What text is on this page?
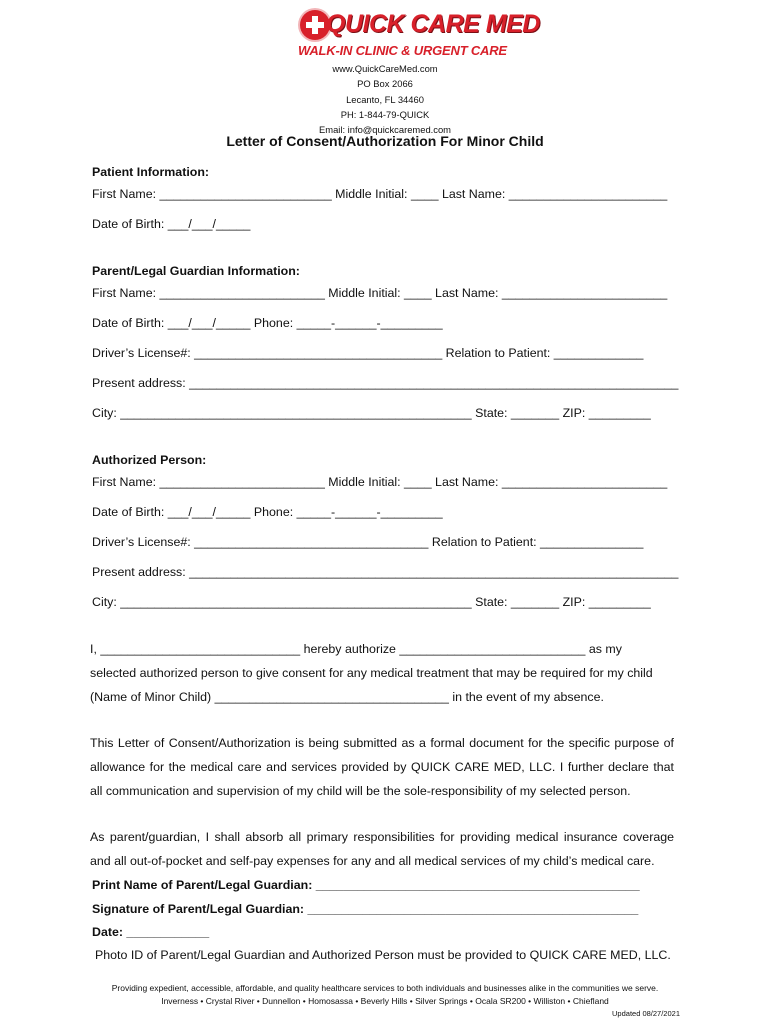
QUICK CARE MED
WALK-IN CLINIC & URGENT CARE
www.QuickCareMed.com
PO Box 2066
Lecanto, FL 34460
PH: 1-844-79-QUICK
Email: info@quickcaremed.com
Letter of Consent/Authorization For Minor Child
Patient Information:
First Name: _________________________ Middle Initial: ____ Last Name: _______________________
Date of Birth: ___/___/_____
Parent/Legal Guardian Information:
First Name: ________________________ Middle Initial: ____ Last Name: ________________________
Date of Birth: ___/___/_____ Phone: _____-______-_________
Driver’s License#: ____________________________________ Relation to Patient: _____________
Present address: _______________________________________________________________________
City: ___________________________________________________ State: _______ ZIP: _________
Authorized Person:
First Name: ________________________ Middle Initial: ____ Last Name: ________________________
Date of Birth: ___/___/_____ Phone: _____-______-_________
Driver’s License#: __________________________________ Relation to Patient: _______________
Present address: _______________________________________________________________________
City: ___________________________________________________ State: _______ ZIP: _________
I, _____________________________ hereby authorize ___________________________ as my
selected authorized person to give consent for any medical treatment that may be required for my child
(Name of Minor Child) __________________________________ in the event of my absence.
This Letter of Consent/Authorization is being submitted as a formal document for the specific purpose of
allowance for the medical care and services provided by QUICK CARE MED, LLC. I further declare that
all communication and supervision of my child will be the sole-responsibility of my selected person.
As parent/guardian, I shall absorb all primary responsibilities for providing medical insurance coverage
and all out-of-pocket and self-pay expenses for any and all medical services of my child’s medical care.
Print Name of Parent/Legal Guardian: _______________________________________________
Signature of Parent/Legal Guardian: ________________________________________________
Date: ____________
Photo ID of Parent/Legal Guardian and Authorized Person must be provided to QUICK CARE MED, LLC.
Providing expedient, accessible, affordable, and quality healthcare services to both individuals and businesses alike in the communities we serve.
Inverness • Crystal River • Dunnellon • Homosassa • Beverly Hills • Silver Springs • Ocala SR200 • Williston • Chiefland
Updated 08/27/2021
